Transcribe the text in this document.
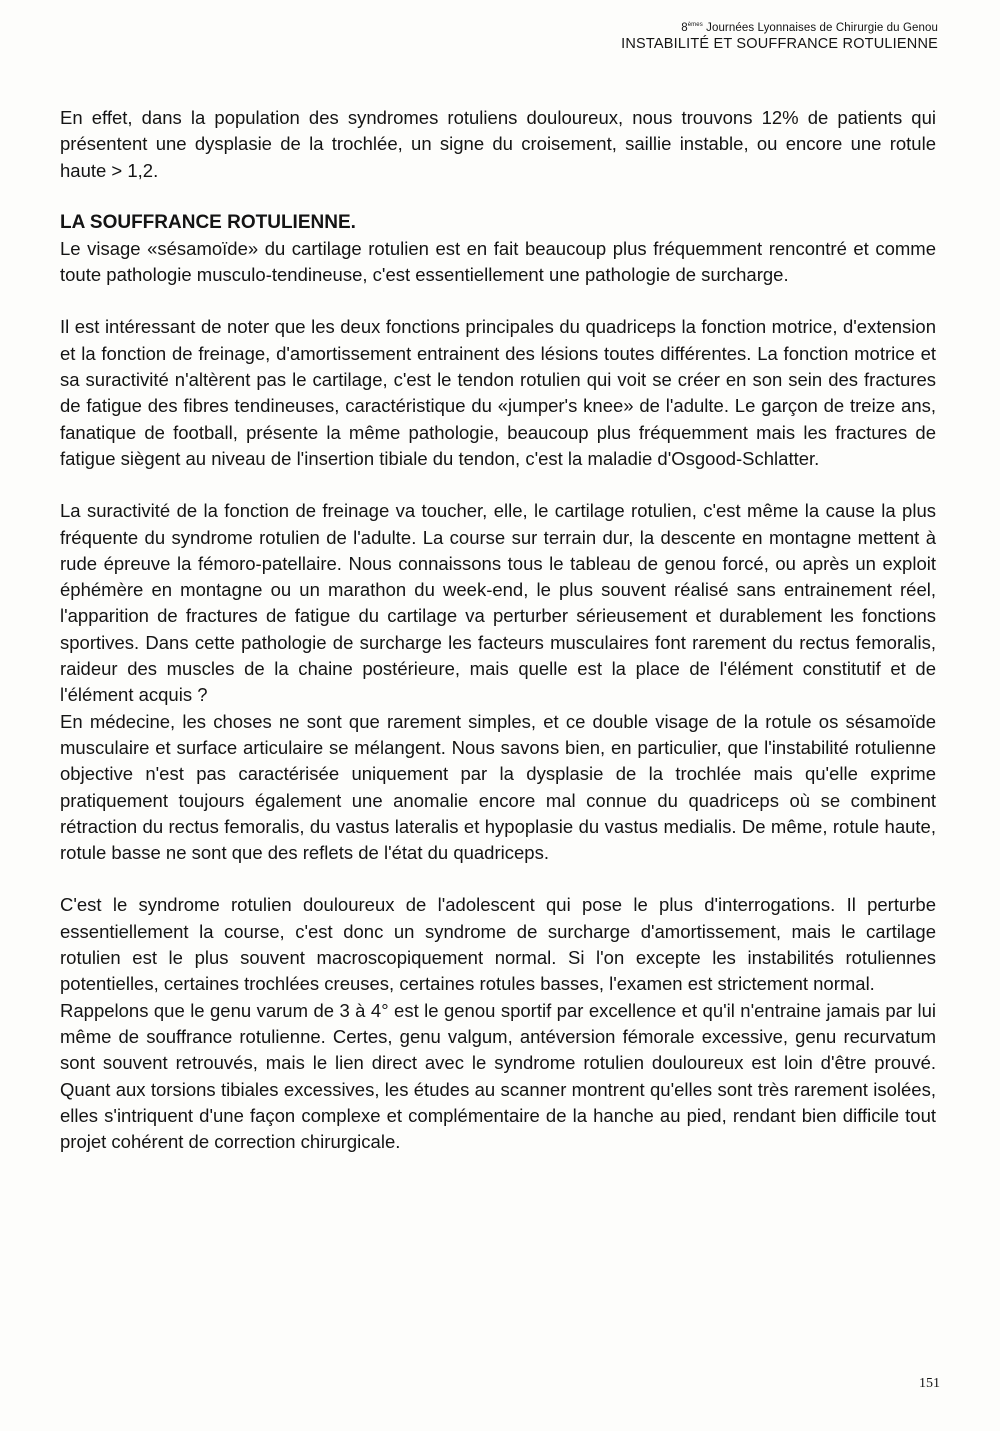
8èmes Journées Lyonnaises de Chirurgie du Genou
INSTABILITÉ ET SOUFFRANCE ROTULIENNE

En effet, dans la population des syndromes rotuliens douloureux, nous trouvons 12% de patients qui présentent une dysplasie de la trochlée, un signe du croisement, saillie instable, ou encore une rotule haute > 1,2.

LA SOUFFRANCE ROTULIENNE.

Le visage «sésamoïde» du cartilage rotulien est en fait beaucoup plus fréquemment rencontré et comme toute pathologie musculo-tendineuse, c'est essentiellement une pathologie de surcharge.

Il est intéressant de noter que les deux fonctions principales du quadriceps la fonction motrice, d'extension et la fonction de freinage, d'amortissement entrainent des lésions toutes différentes. La fonction motrice et sa suractivité n'altèrent pas le cartilage, c'est le tendon rotulien qui voit se créer en son sein des fractures de fatigue des fibres tendineuses, caractéristique du «jumper's knee» de l'adulte. Le garçon de treize ans, fanatique de football, présente la même pathologie, beaucoup plus fréquemment mais les fractures de fatigue siègent au niveau de l'insertion tibiale du tendon, c'est la maladie d'Osgood-Schlatter.

La suractivité de la fonction de freinage va toucher, elle, le cartilage rotulien, c'est même la cause la plus fréquente du syndrome rotulien de l'adulte. La course sur terrain dur, la descente en montagne mettent à rude épreuve la fémoro-patellaire. Nous connaissons tous le tableau de genou forcé, ou après un exploit éphémère en montagne ou un marathon du week-end, le plus souvent réalisé sans entrainement réel, l'apparition de fractures de fatigue du cartilage va perturber sérieusement et durablement les fonctions sportives. Dans cette pathologie de surcharge les facteurs musculaires font rarement du rectus femoralis, raideur des muscles de la chaine postérieure, mais quelle est la place de l'élément constitutif et de l'élément acquis ?

En médecine, les choses ne sont que rarement simples, et ce double visage de la rotule os sésamoïde musculaire et surface articulaire se mélangent. Nous savons bien, en particulier, que l'instabilité rotulienne objective n'est pas caractérisée uniquement par la dysplasie de la trochlée mais qu'elle exprime pratiquement toujours également une anomalie encore mal connue du quadriceps où se combinent rétraction du rectus femoralis, du vastus lateralis et hypoplasie du vastus medialis. De même, rotule haute, rotule basse ne sont que des reflets de l'état du quadriceps.

C'est le syndrome rotulien douloureux de l'adolescent qui pose le plus d'interrogations. Il perturbe essentiellement la course, c'est donc un syndrome de surcharge d'amortissement, mais le cartilage rotulien est le plus souvent macroscopiquement normal. Si l'on excepte les instabilités rotuliennes potentielles, certaines trochlées creuses, certaines rotules basses, l'examen est strictement normal.

Rappelons que le genu varum de 3 à 4° est le genou sportif par excellence et qu'il n'entraine jamais par lui même de souffrance rotulienne. Certes, genu valgum, antéversion fémorale excessive, genu recurvatum sont souvent retrouvés, mais le lien direct avec le syndrome rotulien douloureux est loin d'être prouvé. Quant aux torsions tibiales excessives, les études au scanner montrent qu'elles sont très rarement isolées, elles s'intriquent d'une façon complexe et complémentaire de la hanche au pied, rendant bien difficile tout projet cohérent de correction chirurgicale.

151
